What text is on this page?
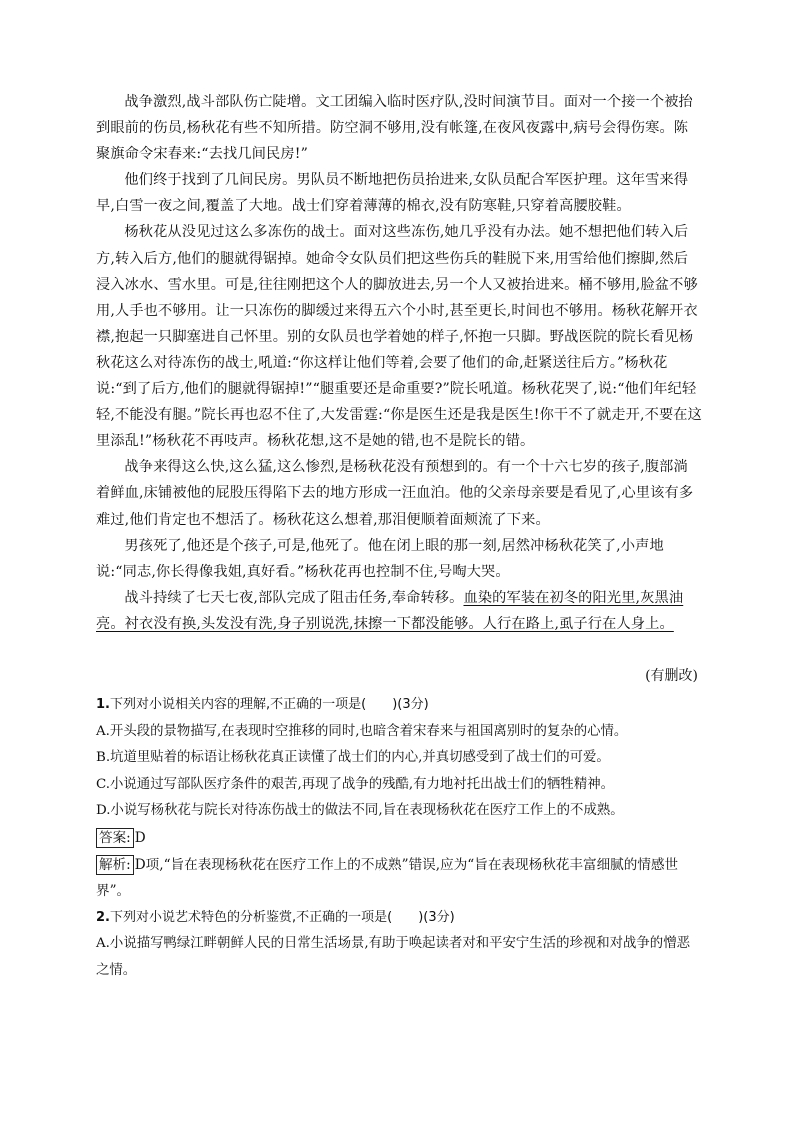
战争激烈,战斗部队伤亡陡增。文工团编入临时医疗队,没时间演节目。面对一个接一个被抬到眼前的伤员,杨秋花有些不知所措。防空洞不够用,没有帐篷,在夜风夜露中,病号会得伤寒。陈聚旗命令宋春来:“去找几间民房!”

他们终于找到了几间民房。男队员不断地把伤员抬进来,女队员配合军医护理。这年雪来得早,白雪一夜之间,覆盖了大地。战士们穿着薄薄的棉衣,没有防寒鞋,只穿着高腰胶鞋。

杨秋花从没见过这么多冻伤的战士。面对这些冻伤,她几乎没有办法。她不想把他们转入后方,转入后方,他们的腿就得锯掉。她命令女队员们把这些伤兵的鞋脱下来,用雪给他们擦脚,然后浸入冰水、雪水里。可是,往往刚把这个人的脚放进去,另一个人又被抬进来。桶不够用,脸盆不够用,人手也不够用。让一只冻伤的脚缓过来得五六个小时,甚至更长,时间也不够用。杨秋花解开衣襟,抱起一只脚塞进自己怀里。别的女队员也学着她的样子,怀抱一只脚。野战医院的院长看见杨秋花这么对待冻伤的战士,吼道:“你这样让他们等着,会要了他们的命,赶紧送往后方。”杨秋花说:“到了后方,他们的腿就得锯掉!”“腿重要还是命重要?”院长吼道。杨秋花哭了,说:“他们年纪轻轻,不能没有腿。”院长再也忍不住了,大发雷霆:“你是医生还是我是医生!你干不了就走开,不要在这里添乱!”杨秋花不再吱声。杨秋花想,这不是她的错,也不是院长的错。

战争来得这么快,这么猛,这么惨烈,是杨秋花没有预想到的。有一个十六七岁的孩子,腹部淌着鲜血,床铺被他的屁股压得陷下去的地方形成一汪血泊。他的父亲母亲要是看见了,心里该有多难过,他们肯定也不想活了。杨秋花这么想着,那泪便顺着面颊流了下来。

男孩死了,他还是个孩子,可是,他死了。他在闭上眼的那一刻,居然冲杨秋花笑了,小声地说:“同志,你长得像我姐,真好看。”杨秋花再也控制不住,号啕大哭。

战斗持续了七天七夜,部队完成了阻击任务,奉命转移。血染的军装在初冬的阳光里,灰黑油亮。衬衣没有换,头发没有洗,身子别说洗,抹擦一下都没能够。人行在路上,虱子行在人身上。

(有删改)

1.下列对小说相关内容的理解,不正确的一项是(　　)(3分)

A.开头段的景物描写,在表现时空推移的同时,也暗含着宋春来与祖国离别时的复杂的心情。

B.坑道里贴着的标语让杨秋花真正读懂了战士们的内心,并真切感受到了战士们的可爱。

C.小说通过写部队医疗条件的艰苦,再现了战争的残酷,有力地衬托出战士们的牺牲精神。

D.小说写杨秋花与院长对待冻伤战士的做法不同,旨在表现杨秋花在医疗工作上的不成熟。

答案: D

解析: D项,“旨在表现杨秋花在医疗工作上的不成熟”错误,应为“旨在表现杨秋花丰富细腻的情感世界”。

2.下列对小说艺术特色的分析鉴赏,不正确的一项是(　　)(3分)

A.小说描写鸭绿江畔朝鲜人民的日常生活场景,有助于唤起读者对和平安宁生活的珍视和对战争的憎恶之情。
